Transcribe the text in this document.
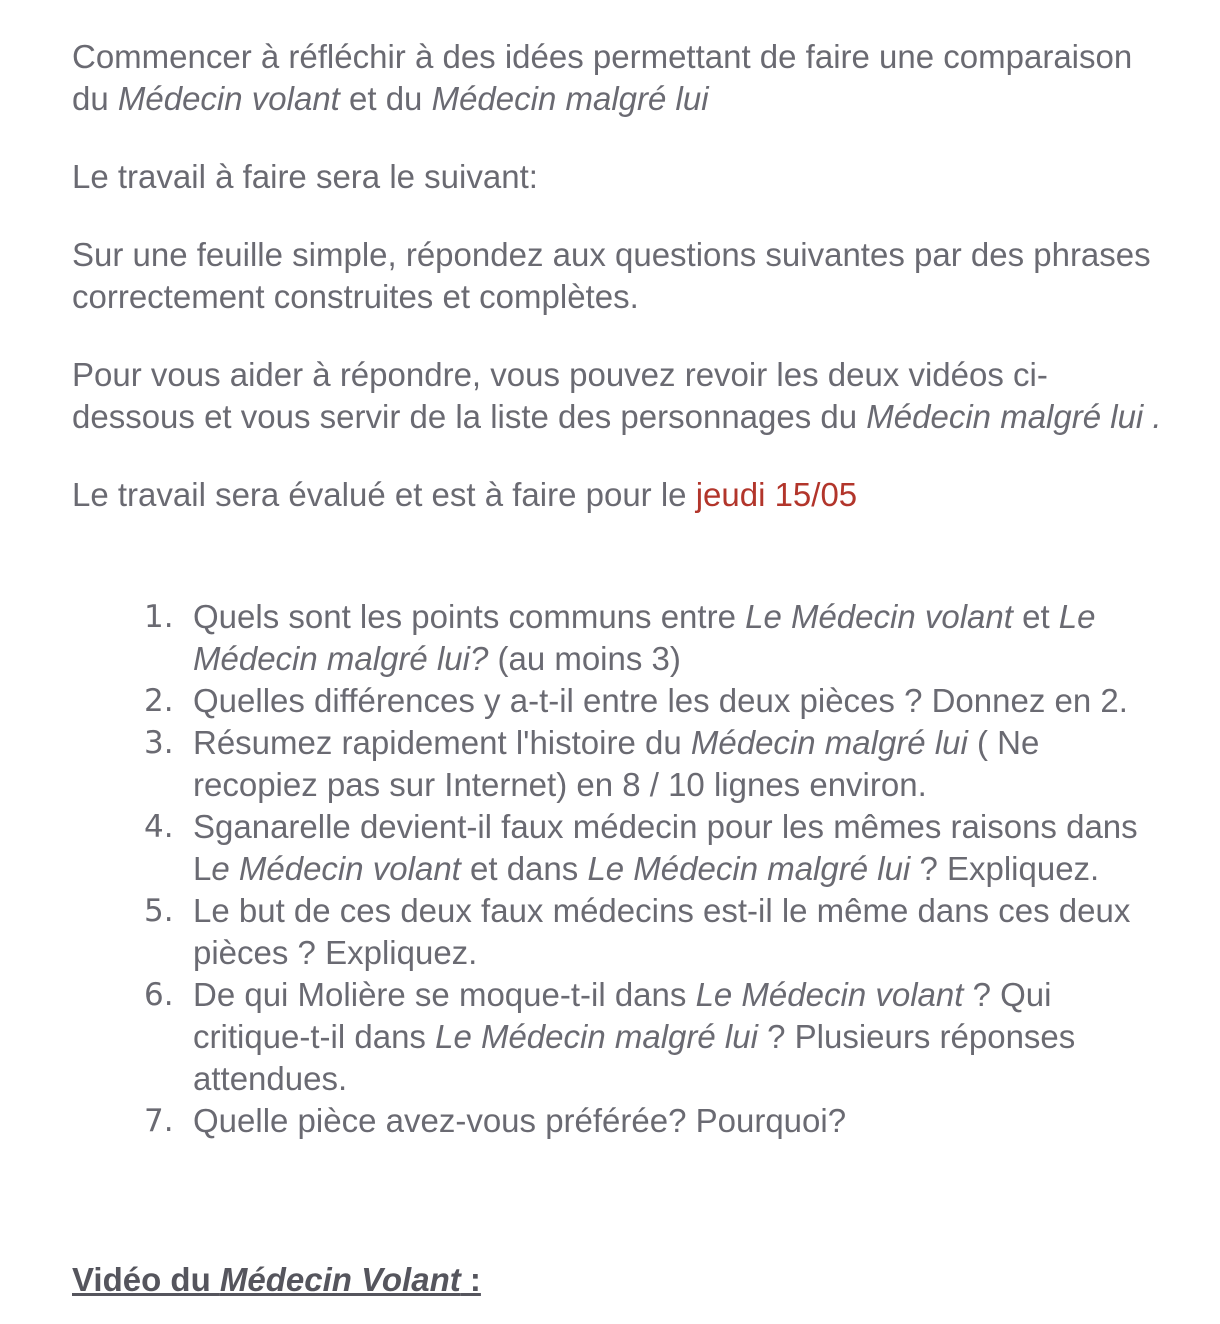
Commencer à réfléchir à des idées permettant de faire une comparaison du Médecin volant et du Médecin malgré lui

Le travail à faire sera le suivant:

Sur une feuille simple, répondez aux questions suivantes par des phrases correctement construites et complètes.

Pour vous aider à répondre, vous pouvez revoir les deux vidéos ci-dessous et vous servir de la liste des personnages du Médecin malgré lui .

Le travail sera évalué et est à faire pour le jeudi 15/05

1. Quels sont les points communs entre Le Médecin volant et Le Médecin malgré lui? (au moins 3)
2. Quelles différences y a-t-il entre les deux pièces ? Donnez en 2.
3. Résumez rapidement l'histoire du Médecin malgré lui ( Ne recopiez pas sur Internet) en 8 / 10 lignes environ.
4. Sganarelle devient-il faux médecin pour les mêmes raisons dans Le Médecin volant et dans Le Médecin malgré lui ? Expliquez.
5. Le but de ces deux faux médecins est-il le même dans ces deux pièces ? Expliquez.
6. De qui Molière se moque-t-il dans Le Médecin volant ? Qui critique-t-il dans Le Médecin malgré lui ? Plusieurs réponses attendues.
7. Quelle pièce avez-vous préférée? Pourquoi?

Vidéo du Médecin Volant :
